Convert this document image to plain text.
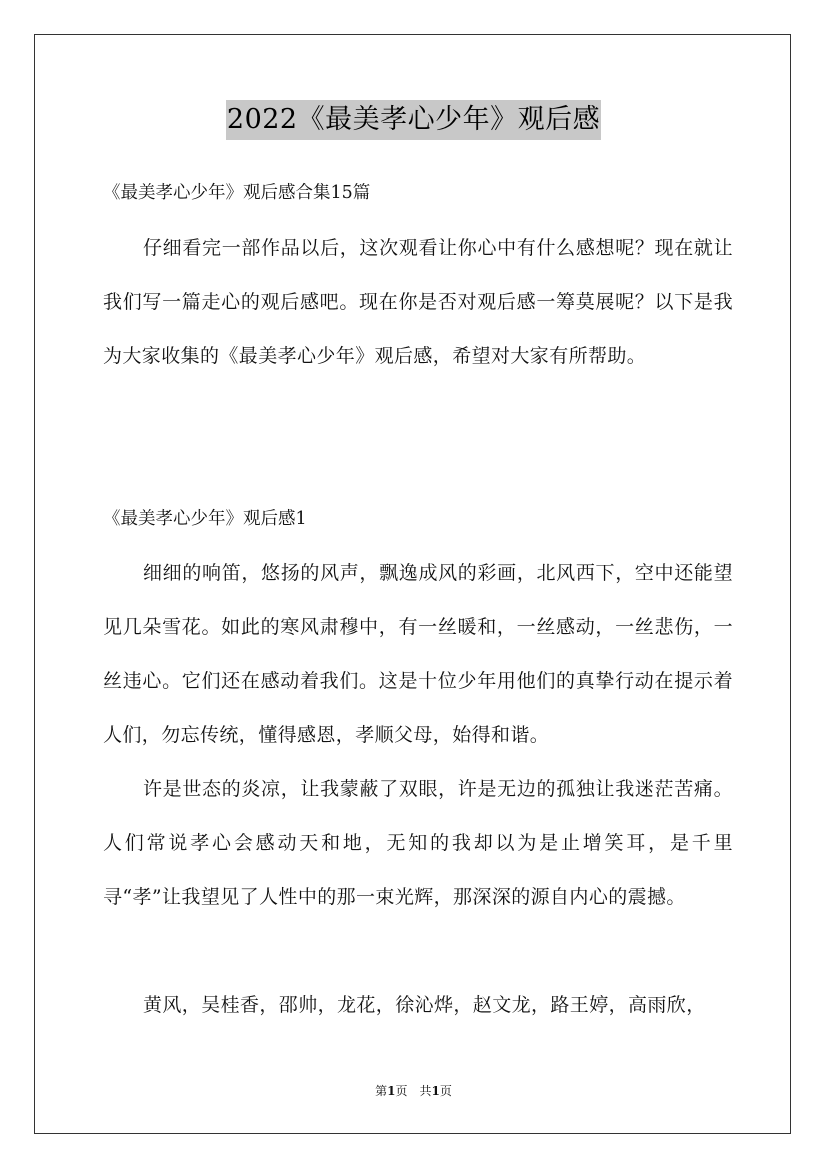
2022《最美孝心少年》观后感
《最美孝心少年》观后感合集15篇
仔细看完一部作品以后，这次观看让你心中有什么感想呢？现在就让我们写一篇走心的观后感吧。现在你是否对观后感一筹莫展呢？以下是我为大家收集的《最美孝心少年》观后感，希望对大家有所帮助。
《最美孝心少年》观后感1
细细的响笛，悠扬的风声，飘逸成风的彩画，北风西下，空中还能望见几朵雪花。如此的寒风肃穆中，有一丝暖和，一丝感动，一丝悲伤，一丝违心。它们还在感动着我们。这是十位少年用他们的真挚行动在提示着人们，勿忘传统，懂得感恩，孝顺父母，始得和谐。
许是世态的炎凉，让我蒙蔽了双眼，许是无边的孤独让我迷茫苦痛。人们常说孝心会感动天和地，无知的我却以为是止增笑耳，是千里寻“孝”让我望见了人性中的那一束光辉，那深深的源自内心的震撼。
黄风，吴桂香，邵帅，龙花，徐沁烨，赵文龙，路王婷，高雨欣，
第1页　共1页
